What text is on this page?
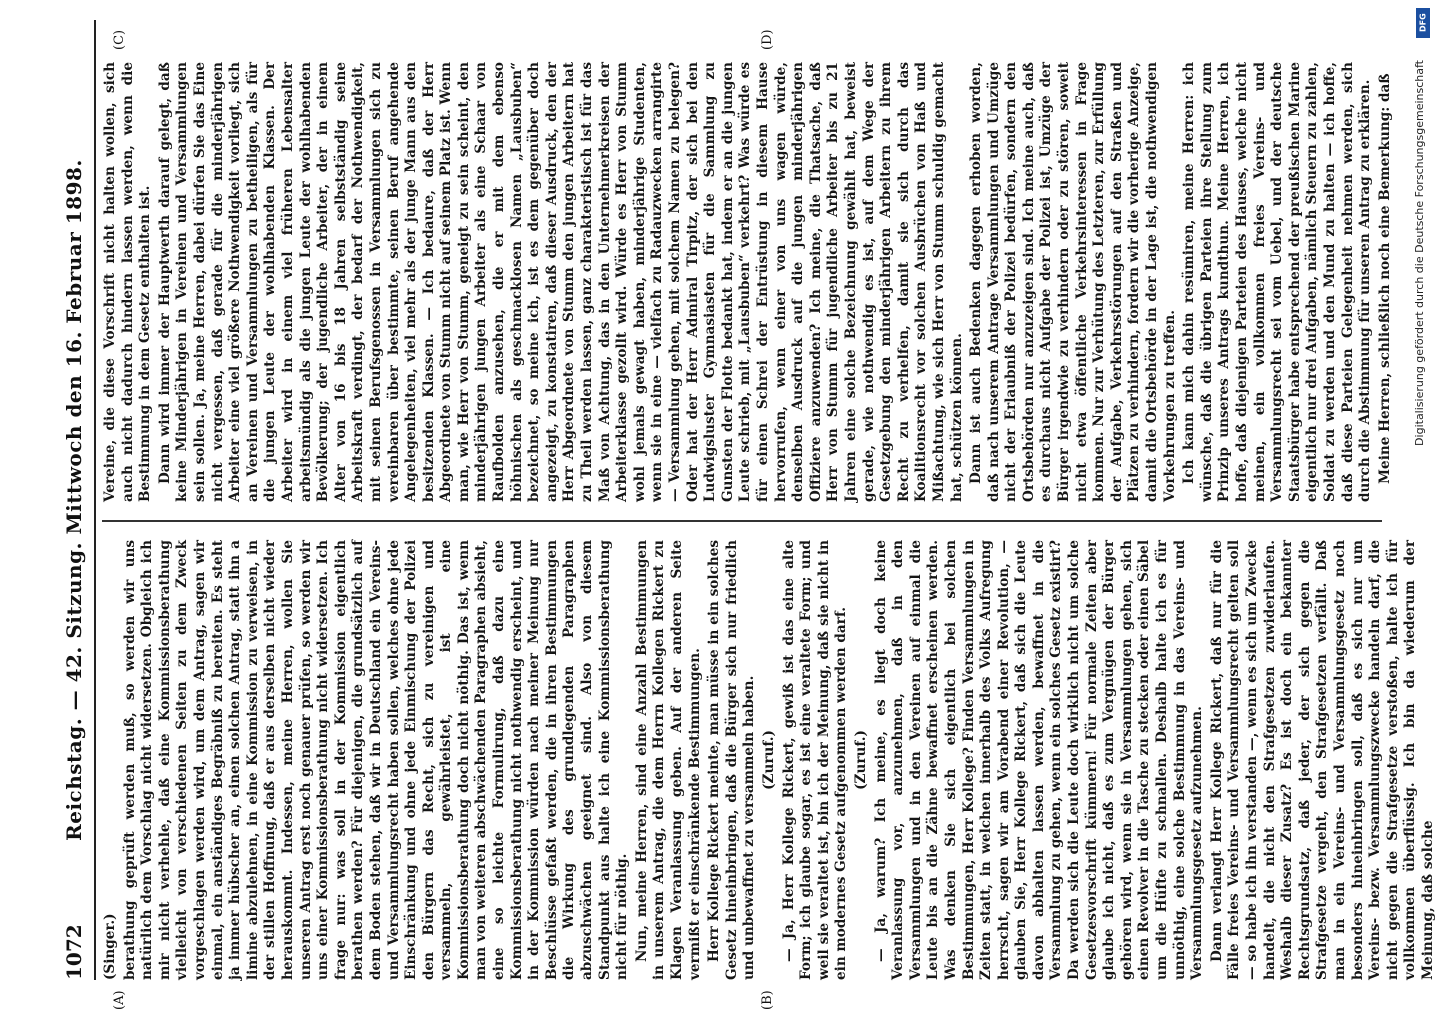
1072
Reichstag. — 42. Sitzung. Mittwoch den 16. Februar 1898.
(A)	(B)
(C)	(D)

(Singer.) berathung geprüft werden muß, so werden wir uns natürlich dem Vorschlag nicht widersetzen. Obgleich ich mir nicht verhehle, daß eine Kommissionsberathung vielleicht von verschiedenen Seiten zu dem Zweck vorgeschlagen werden wird, um dem Antrag, sagen wir einmal, ein anständiges Begräbniß zu bereiten. Es steht ja immer hübscher an, einen solchen Antrag, statt ihn a limine abzulehnen, in eine Kommission zu verweisen, in der stillen Hoffnung, daß er aus derselben nicht wieder herauskommt. Indessen, meine Herren, wollen Sie unseren Antrag erst noch genauer prüfen, so werden wir uns einer Kommissionsberathung nicht widersetzen. Ich frage nur: was soll in der Kommission eigentlich berathen werden? Für diejenigen, die grundsätzlich auf dem Boden stehen, daß wir in Deutschland ein Vereins- und Versammlungsrecht haben sollen, welches ohne jede Einschränkung und ohne jede Einmischung der Polizei den Bürgern das Recht, sich zu vereinigen und versammeln, gewährleistet, ist eine Kommissionsberathung doch nicht nöthig. Das ist, wenn man von weiteren abschwächenden Paragraphen absieht, eine so leichte Formulirung, daß dazu eine Kommissionsberathung nicht nothwendig erscheint, und in der Kommission würden nach meiner Meinung nur Beschlüsse gefaßt werden, die in ihren Bestimmungen die Wirkung des grundlegenden Paragraphen abzuschwächen geeignet sind. Also von diesem Standpunkt aus halte ich eine Kommissionsberathung nicht für nöthig. Nun, meine Herren, sind eine Anzahl Bestimmungen in unserem Antrag, die dem Herrn Kollegen Rickert zu Klagen Veranlassung geben. Auf der anderen Seite vermißt er einschränkende Bestimmungen. Herr Kollege Rickert meinte, man müsse in ein solches Gesetz hineinbringen, daß die Bürger sich nur friedlich und unbewaffnet zu versammeln haben. (Zuruf.) — Ja, Herr Kollege Rickert, gewiß ist das eine alte Form; ich glaube sogar, es ist eine veraltete Form; und weil sie veraltet ist, bin ich der Meinung, daß sie nicht in ein modernes Gesetz aufgenommen werden darf. (Zuruf.) — Ja, warum? Ich meine, es liegt doch keine Veranlassung vor, anzunehmen, daß in den Versammlungen und in den Vereinen auf einmal die Leute bis an die Zähne bewaffnet erscheinen werden. Was denken Sie sich eigentlich bei solchen Bestimmungen, Herr Kollege? Finden Versammlungen in Zeiten statt, in welchen innerhalb des Volks Aufregung herrscht, sagen wir am Vorabend einer Revolution, — glauben Sie, Herr Kollege Rickert, daß sich die Leute davon abhalten lassen werden, bewaffnet in die Versammlung zu gehen, wenn ein solches Gesetz existirt? Da werden sich die Leute doch wirklich nicht um solche Gesetzesvorschrift kümmern! Für normale Zeiten aber glaube ich nicht, daß es zum Vergnügen der Bürger gehören wird, wenn sie in Versammlungen gehen, sich einen Revolver in die Tasche zu stecken oder einen Säbel um die Hüfte zu schnallen. Deshalb halte ich es für unnöthig, eine solche Bestimmung in das Vereins- und Versammlungsgesetz aufzunehmen. Dann verlangt Herr Kollege Rickert, daß nur für die Fälle freies Vereins- und Versammlungsrecht gelten soll — so habe ich ihn verstanden —, wenn es sich um Zwecke handelt, die nicht den Strafgesetzen zuwiderlaufen. Weshalb dieser Zusatz? Es ist doch ein bekannter Rechtsgrundsatz, daß jeder, der sich gegen die Strafgesetze vergeht, den Strafgesetzen verfällt. Daß man in ein Vereins- und Versammlungsgesetz noch besonders hineinbringen soll, daß es sich nur um Vereins- bezw. Versammlungszwecke handeln darf, die nicht gegen die Strafgesetze verstoßen, halte ich für vollkommen überflüssig. Ich bin da wiederum der Meinung, daß solche

Vereine, die diese Vorschrift nicht halten wollen, sich auch nicht dadurch hindern lassen werden, wenn die Bestimmung in dem Gesetz enthalten ist. Dann wird immer der Hauptwerth darauf gelegt, daß keine Minderjährigen in Vereinen und Versammlungen sein sollen. Ja, meine Herren, dabei dürfen Sie das Eine nicht vergessen, daß gerade für die minderjährigen Arbeiter eine viel größere Nothwendigkeit vorliegt, sich an Vereinen und Versammlungen zu betheiligen, als für die jungen Leute der wohlhabenden Klassen. Der Arbeiter wird in einem viel früheren Lebensalter arbeitsmündig als die jungen Leute der wohlhabenden Bevölkerung; der jugendliche Arbeiter, der in einem Alter von 16 bis 18 Jahren selbstständig seine Arbeitskraft verdingt, der bedarf der Nothwendigkeit, mit seinen Berufsgenossen in Versammlungen sich zu vereinbaren über bestimmte, seinen Beruf angehende Angelegenheiten, viel mehr als der junge Mann aus den besitzenden Klassen. — Ich bedaure, daß der Herr Abgeordnete von Stumm nicht auf seinem Platz ist. Wenn man, wie Herr von Stumm, geneigt zu sein scheint, den minderjährigen jungen Arbeiter als eine Schaar von Raufbolden anzusehen, die er mit dem ebenso höhnischen als geschmacklosen Namen „Lausbuben“ bezeichnet, so meine ich, ist es dem gegenüber doch angezeigt, zu konstatiren, daß dieser Ausdruck, den der Herr Abgeordnete von Stumm den jungen Arbeitern hat zu Theil werden lassen, ganz charakteristisch ist für das Maß von Achtung, das in den Unternehmerkreisen der Arbeiterklasse gezollt wird. Würde es Herr von Stumm wohl jemals gewagt haben, minderjährige Studenten, wenn sie in eine — vielfach zu Radauzwecken arrangirte — Versammlung gehen, mit solchem Namen zu belegen? Oder hat der Herr Admiral Tirpitz, der sich bei den Ludwigsluster Gymnasiasten für die Sammlung zu Gunsten der Flotte bedankt hat, indem er an die jungen Leute schrieb, mit „Lausbuben“ verkehrt? Was würde es für einen Schrei der Entrüstung in diesem Hause hervorrufen, wenn einer von uns wagen würde, denselben Ausdruck auf die jungen minderjährigen Offiziere anzuwenden? Ich meine, die Thatsache, daß Herr von Stumm für jugendliche Arbeiter bis zu 21 Jahren eine solche Bezeichnung gewählt hat, beweist gerade, wie nothwendig es ist, auf dem Wege der Gesetzgebung den minderjährigen Arbeitern zu ihrem Recht zu verhelfen, damit sie sich durch das Koalitionsrecht vor solchen Ausbrüchen von Haß und Mißachtung, wie sich Herr von Stumm schuldig gemacht hat, schützen können. Dann ist auch Bedenken dagegen erhoben worden, daß nach unserem Antrage Versammlungen und Umzüge nicht der Erlaubniß der Polizei bedürfen, sondern den Ortsbehörden nur anzuzeigen sind. Ich meine auch, daß es durchaus nicht Aufgabe der Polizei ist, Umzüge der Bürger irgendwie zu verhindern oder zu stören, soweit nicht etwa öffentliche Verkehrsinteressen in Frage kommen. Nur zur Verhütung des Letzteren, zur Erfüllung der Aufgabe, Verkehrsstörungen auf den Straßen und Plätzen zu verhindern, fordern wir die vorherige Anzeige, damit die Ortsbehörde in der Lage ist, die nothwendigen Vorkehrungen zu treffen. Ich kann mich dahin resümiren, meine Herren: ich wünsche, daß die übrigen Parteien ihre Stellung zum Prinzip unseres Antrags kundthun. Meine Herren, ich hoffe, daß diejenigen Parteien des Hauses, welche nicht meinen, ein vollkommen freies Vereins- und Versammlungsrecht sei vom Uebel, und der deutsche Staatsbürger habe entsprechend der preußischen Marine eigentlich nur drei Aufgaben, nämlich Steuern zu zahlen, Soldat zu werden und den Mund zu halten — ich hoffe, daß diese Parteien Gelegenheit nehmen werden, sich durch die Abstimmung für unseren Antrag zu erklären. Meine Herren, schließlich noch eine Bemerkung: daß

DFG
Digitalisierung gefördert durch die Deutsche Forschungsgemeinschaft
